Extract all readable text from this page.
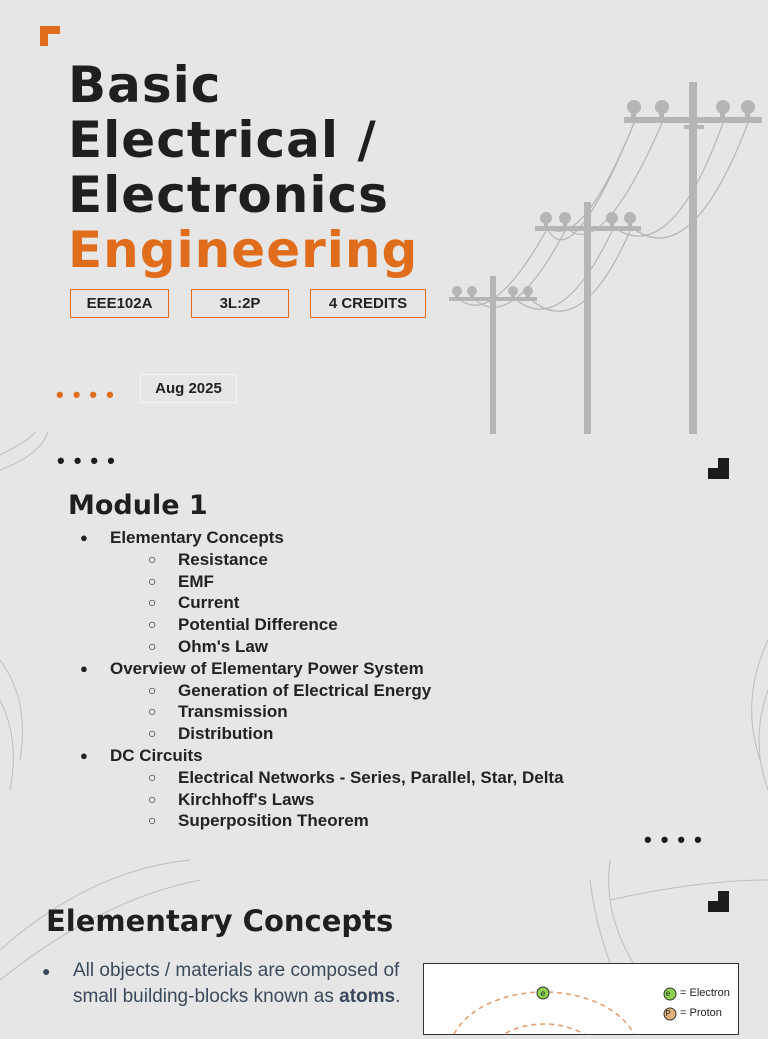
Basic
Electrical /
Electronics
Engineering
EEE102A	3L:2P	4 CREDITS
••••	Aug 2025
••••
Module 1
● Elementary Concepts
○ Resistance
○ EMF
○ Current
○ Potential Difference
○ Ohm's Law
● Overview of Elementary Power System
○ Generation of Electrical Energy
○ Transmission
○ Distribution
● DC Circuits
○ Electrical Networks - Series, Parallel, Star, Delta
○ Kirchhoff's Laws
○ Superposition Theorem
••••
Elementary Concepts
● All objects / materials are composed of small building-blocks known as atoms.	e	e
P
= Electron
= Proton
